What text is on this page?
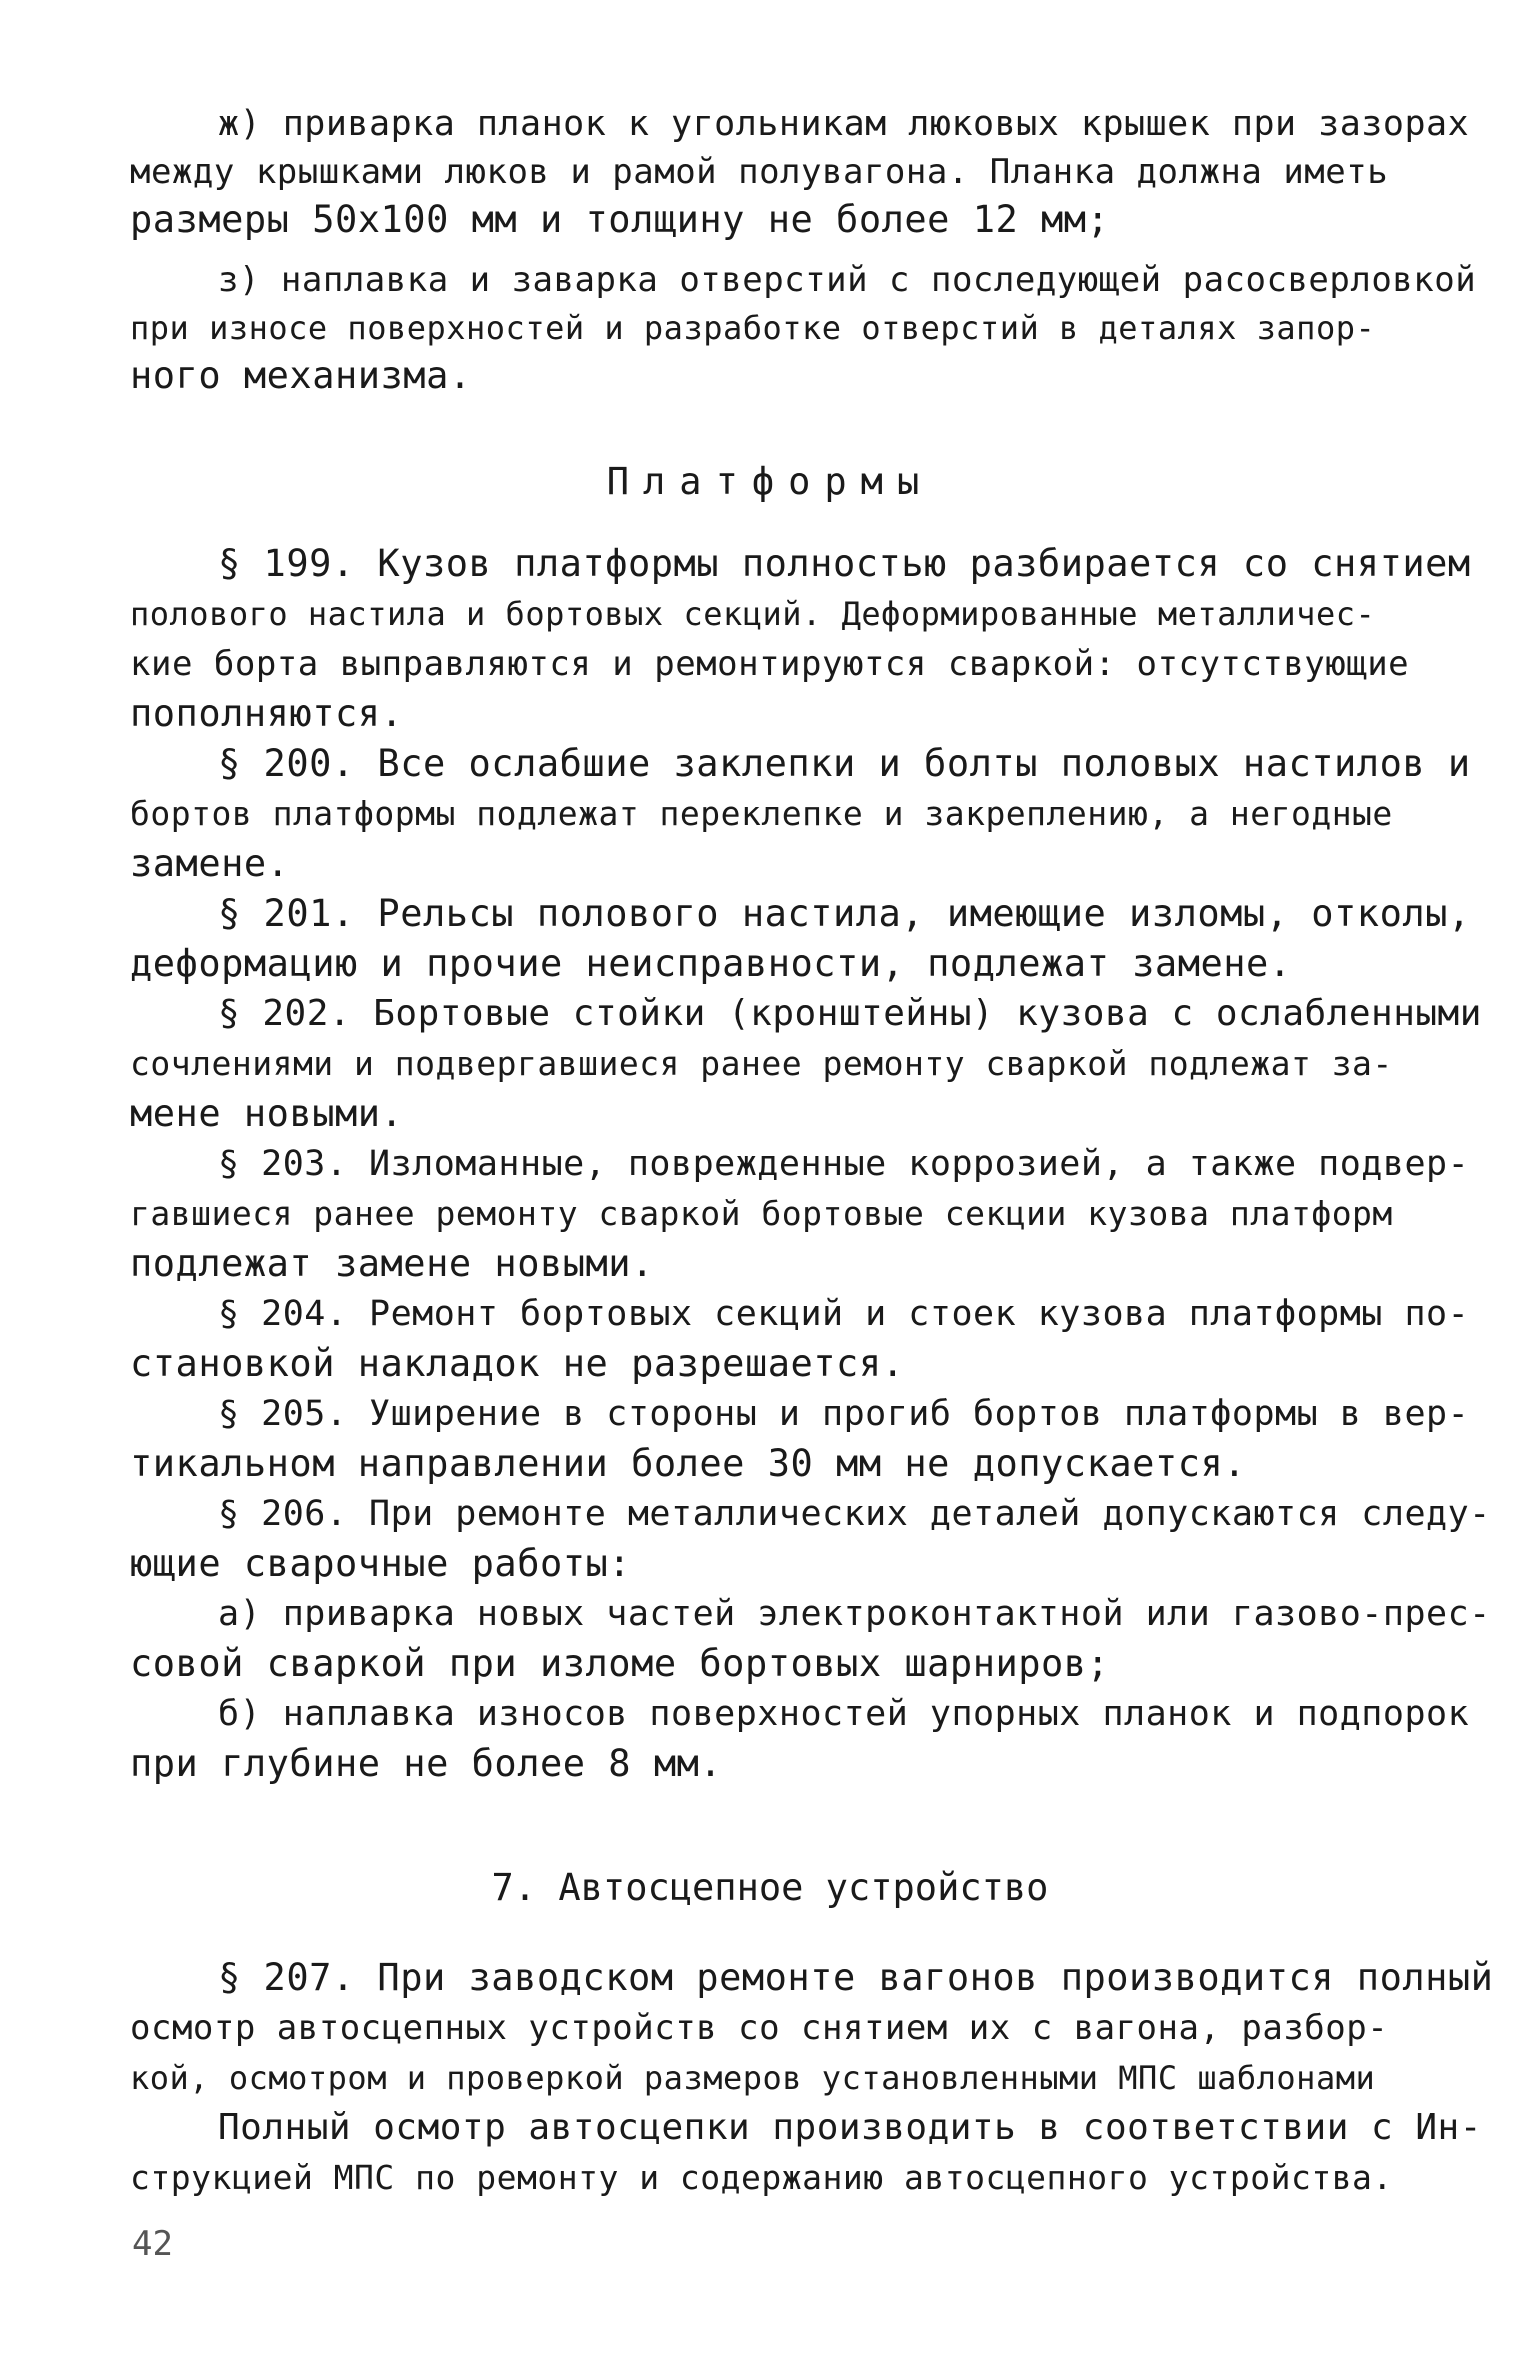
ж) приварка планок к угольникам люковых крышек при зазорах
между крышками люков и рамой полувагона. Планка должна иметь
размеры 50х100 мм и толщину не более 12 мм;
з) наплавка и заварка отверстий с последующей расосверловкой
при износе поверхностей и разработке отверстий в деталях запор-
ного механизма.
Платформы
§ 199. Кузов платформы полностью разбирается со снятием
полового настила и бортовых секций. Деформированные металличес-
кие борта выправляются и ремонтируются сваркой: отсутствующие
пополняются.
§ 200. Все ослабшие заклепки и болты половых настилов и
бортов платформы подлежат переклепке и закреплению, а негодные
замене.
§ 201. Рельсы полового настила, имеющие изломы, отколы,
деформацию и прочие неисправности, подлежат замене.
§ 202. Бортовые стойки (кронштейны) кузова с ослабленными
сочлениями и подвергавшиеся ранее ремонту сваркой подлежат за-
мене новыми.
§ 203. Изломанные, поврежденные коррозией, а также подвер-
гавшиеся ранее ремонту сваркой бортовые секции кузова платформ
подлежат замене новыми.
§ 204. Ремонт бортовых секций и стоек кузова платформы по-
становкой накладок не разрешается.
§ 205. Уширение в стороны и прогиб бортов платформы в вер-
тикальном направлении более 30 мм не допускается.
§ 206. При ремонте металлических деталей допускаются следу-
ющие сварочные работы:
а) приварка новых частей электроконтактной или газово-прес-
совой сваркой при изломе бортовых шарниров;
б) наплавка износов поверхностей упорных планок и подпорок
при глубине не более 8 мм.
7. Автосцепное устройство
§ 207. При заводском ремонте вагонов производится полный
осмотр автосцепных устройств со снятием их с вагона, разбор-
кой, осмотром и проверкой размеров установленными МПС шаблонами
Полный осмотр автосцепки производить в соответствии с Ин-
струкцией МПС по ремонту и содержанию автосцепного устройства.
42
